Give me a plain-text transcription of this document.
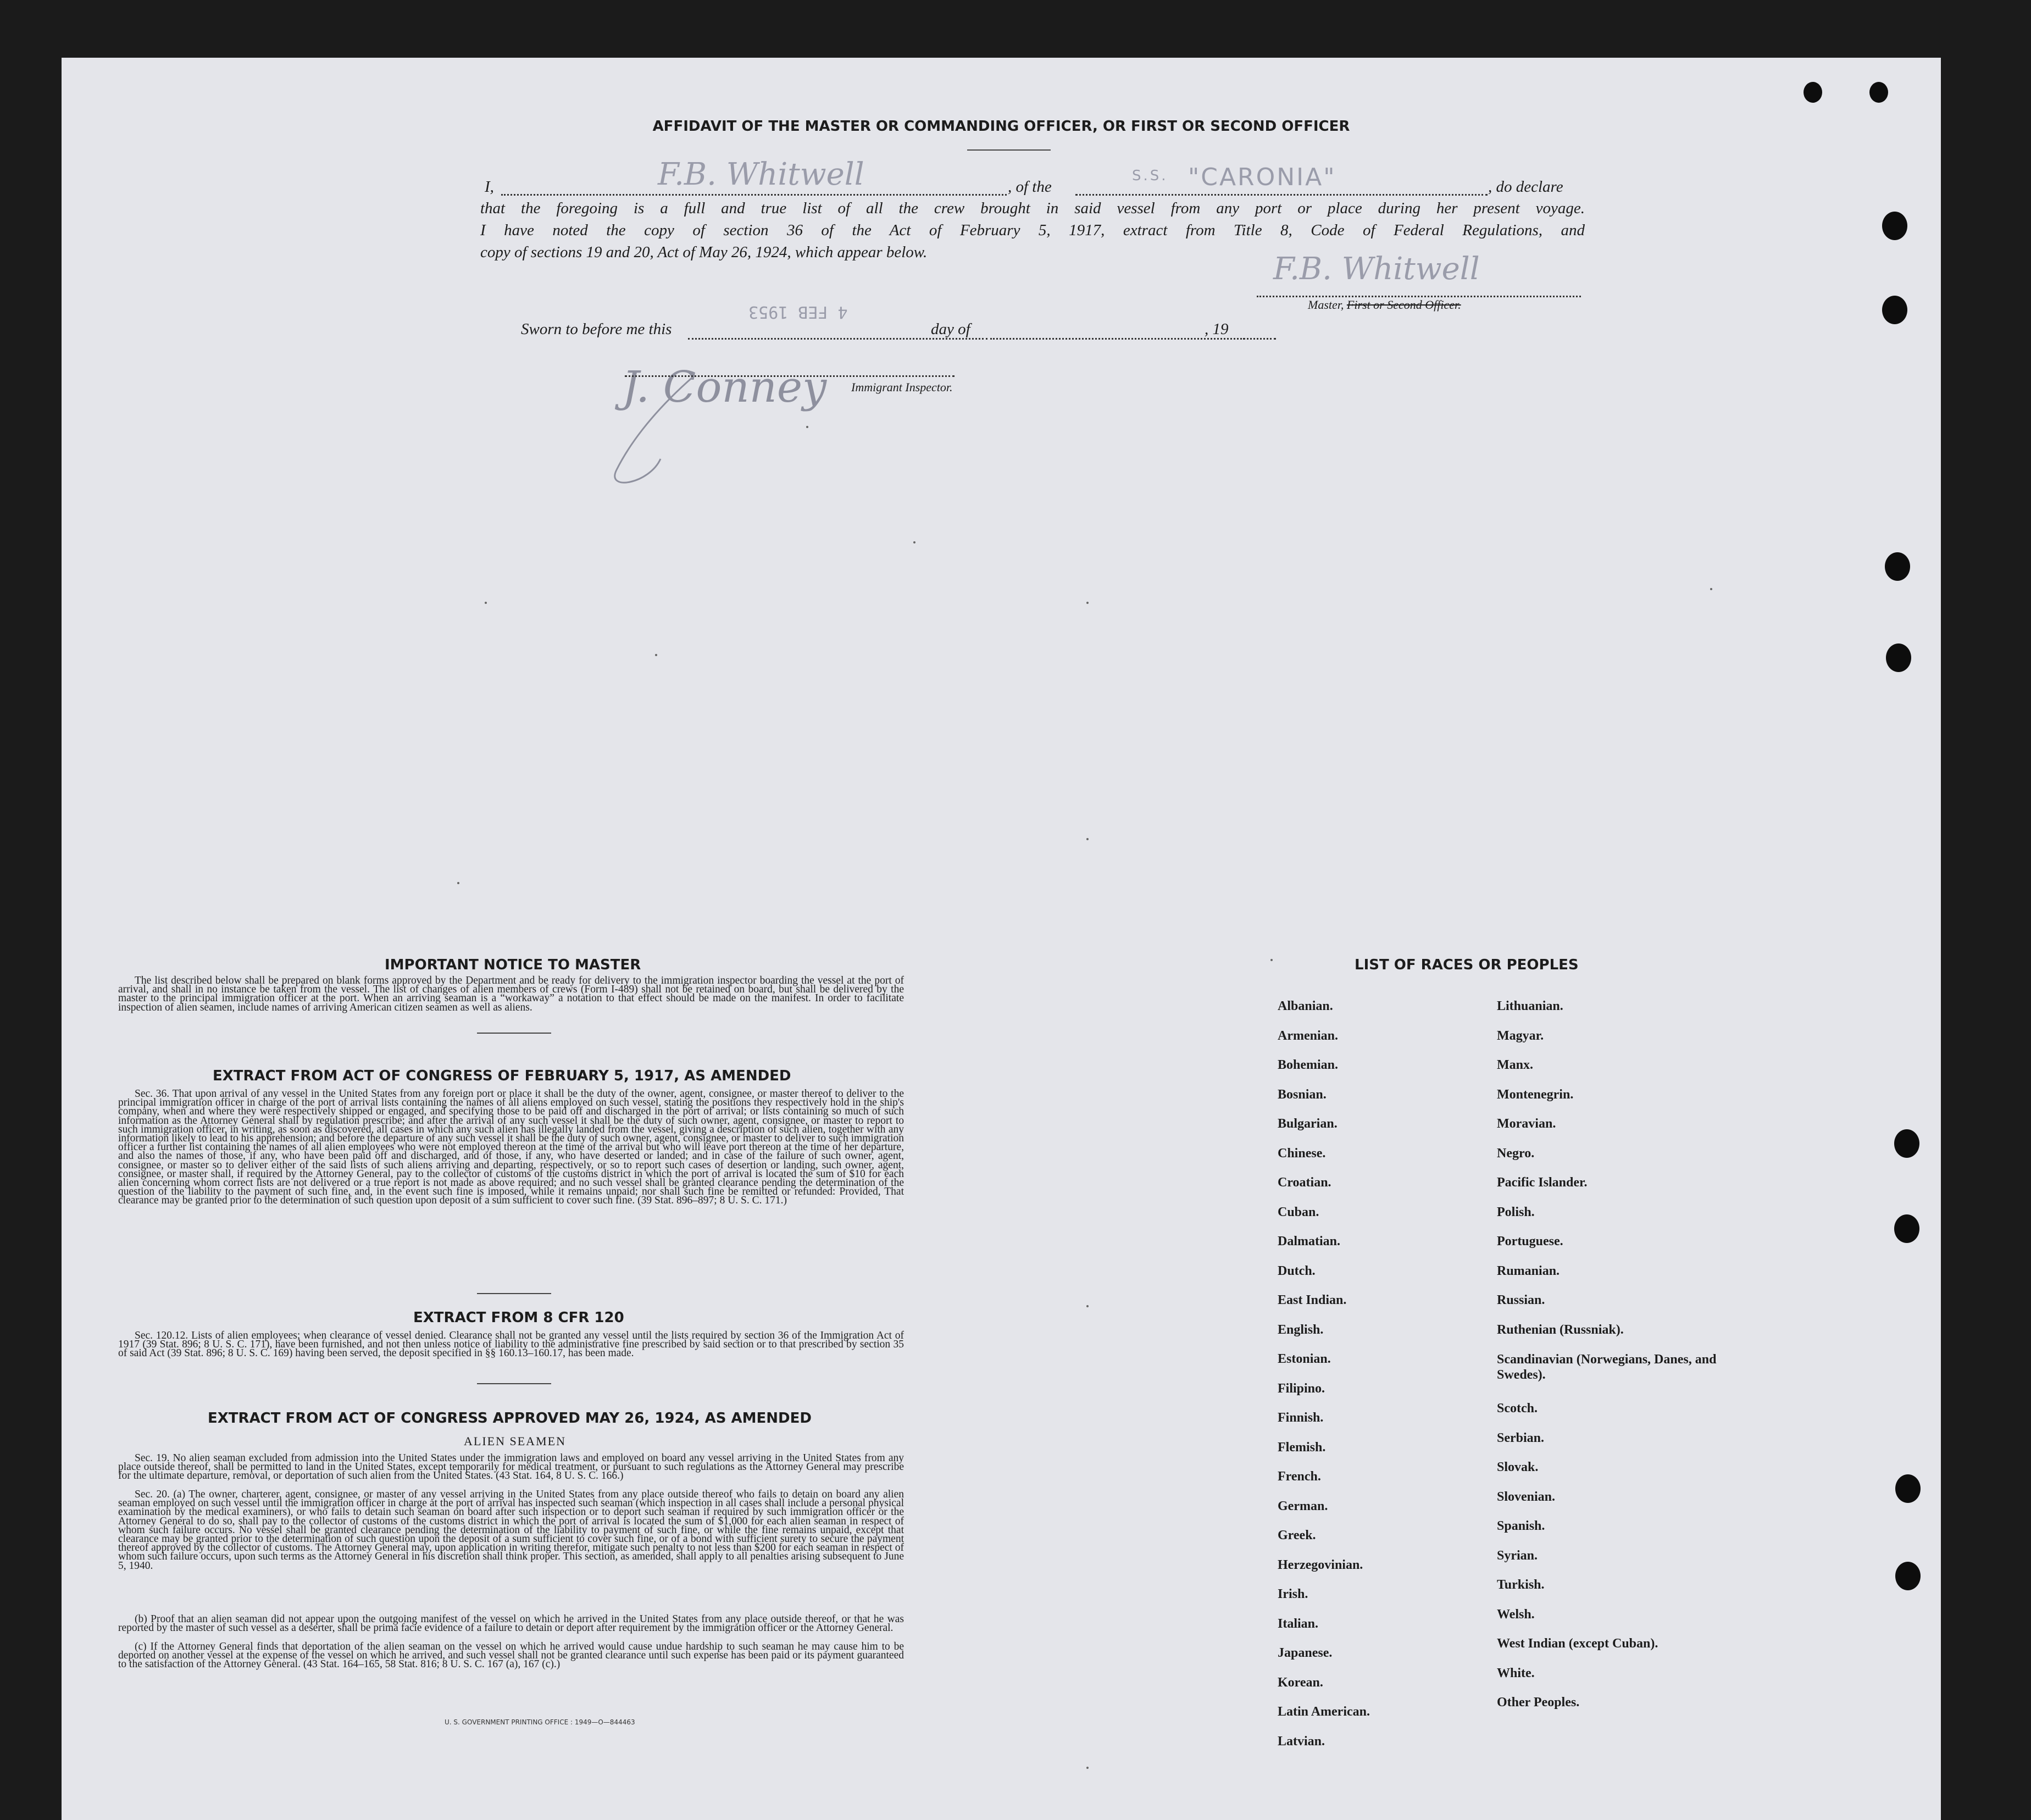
AFFIDAVIT OF THE MASTER OR COMMANDING OFFICER, OR FIRST OR SECOND OFFICER
I,	F.B. Whitwell	, of the
S.S. "CARONIA"	, do declare
that the foregoing is a full and true list of all the crew brought in said vessel from any port or place during her present voyage.
I have noted the copy of section 36 of the Act of February 5, 1917, extract from Title 8, Code of Federal Regulations, and
copy of sections 19 and 20, Act of May 26, 1924, which appear below.	F.B. Whitwell
Master, First or Second Officer.
Sworn to before me this
4 FEB 1953
day of	, 19
J. Conney Immigrant Inspector.
IMPORTANT NOTICE TO MASTER
The list described below shall be prepared on blank forms approved by the Department and be ready for delivery to the immigration inspector boarding the vessel at the port of arrival, and shall in no instance be taken from the vessel. The list of changes of alien members of crews (Form I-489) shall not be retained on board, but shall be delivered by the master to the principal immigration officer at the port. When an arriving seaman is a “workaway” a notation to that effect should be made on the manifest. In order to facilitate inspection of alien seamen, include names of arriving American citizen seamen as well as aliens.
EXTRACT FROM ACT OF CONGRESS OF FEBRUARY 5, 1917, AS AMENDED
Sec. 36. That upon arrival of any vessel in the United States from any foreign port or place it shall be the duty of the owner, agent, consignee, or master thereof to deliver to the principal immigration officer in charge of the port of arrival lists containing the names of all aliens employed on such vessel, stating the positions they respectively hold in the ship's company, when and where they were respectively shipped or engaged, and specifying those to be paid off and discharged in the port of arrival; or lists containing so much of such information as the Attorney General shall by regulation prescribe; and after the arrival of any such vessel it shall be the duty of such owner, agent, consignee, or master to report to such immigration officer, in writing, as soon as discovered, all cases in which any such alien has illegally landed from the vessel, giving a description of such alien, together with any information likely to lead to his apprehension; and before the departure of any such vessel it shall be the duty of such owner, agent, consignee, or master to deliver to such immigration officer a further list containing the names of all alien employees who were not employed thereon at the time of the arrival but who will leave port thereon at the time of her departure, and also the names of those, if any, who have been paid off and discharged, and of those, if any, who have deserted or landed; and in case of the failure of such owner, agent, consignee, or master so to deliver either of the said lists of such aliens arriving and departing, respectively, or so to report such cases of desertion or landing, such owner, agent, consignee, or master shall, if required by the Attorney General, pay to the collector of customs of the customs district in which the port of arrival is located the sum of $10 for each alien concerning whom correct lists are not delivered or a true report is not made as above required; and no such vessel shall be granted clearance pending the determination of the question of the liability to the payment of such fine, and, in the event such fine is imposed, while it remains unpaid; nor shall such fine be remitted or refunded: Provided, That clearance may be granted prior to the determination of such question upon deposit of a sum sufficient to cover such fine. (39 Stat. 896–897; 8 U. S. C. 171.)
EXTRACT FROM 8 CFR 120
Sec. 120.12. Lists of alien employees; when clearance of vessel denied. Clearance shall not be granted any vessel until the lists required by section 36 of the Immigration Act of 1917 (39 Stat. 896; 8 U. S. C. 171), have been furnished, and not then unless notice of liability to the administrative fine prescribed by said section or to that prescribed by section 35 of said Act (39 Stat. 896; 8 U. S. C. 169) having been served, the deposit specified in §§ 160.13–160.17, has been made.
EXTRACT FROM ACT OF CONGRESS APPROVED MAY 26, 1924, AS AMENDED
ALIEN SEAMEN
Sec. 19. No alien seaman excluded from admission into the United States under the immigration laws and employed on board any vessel arriving in the United States from any place outside thereof, shall be permitted to land in the United States, except temporarily for medical treatment, or pursuant to such regulations as the Attorney General may prescribe for the ultimate departure, removal, or deportation of such alien from the United States. (43 Stat. 164, 8 U. S. C. 166.)
Sec. 20. (a) The owner, charterer, agent, consignee, or master of any vessel arriving in the United States from any place outside thereof who fails to detain on board any alien seaman employed on such vessel until the immigration officer in charge at the port of arrival has inspected such seaman (which inspection in all cases shall include a personal physical examination by the medical examiners), or who fails to detain such seaman on board after such inspection or to deport such seaman if required by such immigration officer or the Attorney General to do so, shall pay to the collector of customs of the customs district in which the port of arrival is located the sum of $1,000 for each alien seaman in respect of whom such failure occurs. No vessel shall be granted clearance pending the determination of the liability to payment of such fine, or while the fine remains unpaid, except that clearance may be granted prior to the determination of such question upon the deposit of a sum sufficient to cover such fine, or of a bond with sufficient surety to secure the payment thereof approved by the collector of customs. The Attorney General may, upon application in writing therefor, mitigate such penalty to not less than $200 for each seaman in respect of whom such failure occurs, upon such terms as the Attorney General in his discretion shall think proper. This section, as amended, shall apply to all penalties arising subsequent to June 5, 1940.
(b) Proof that an alien seaman did not appear upon the outgoing manifest of the vessel on which he arrived in the United States from any place outside thereof, or that he was reported by the master of such vessel as a deserter, shall be prima facie evidence of a failure to detain or deport after requirement by the immigration officer or the Attorney General.
(c) If the Attorney General finds that deportation of the alien seaman on the vessel on which he arrived would cause undue hardship to such seaman he may cause him to be deported on another vessel at the expense of the vessel on which he arrived, and such vessel shall not be granted clearance until such expense has been paid or its payment guaranteed to the satisfaction of the Attorney General. (43 Stat. 164–165, 58 Stat. 816; 8 U. S. C. 167 (a), 167 (c).)
U. S. GOVERNMENT PRINTING OFFICE : 1949—O—844463
LIST OF RACES OR PEOPLES
Albanian.
Armenian.
Bohemian.
Bosnian.
Bulgarian.
Chinese.
Croatian.
Cuban.
Dalmatian.
Dutch.
East Indian.
English.
Estonian.
Filipino.
Finnish.
Flemish.
French.
German.
Greek.
Herzegovinian.
Irish.
Italian.
Japanese.
Korean.
Latin American.
Latvian.
Lithuanian.
Magyar.
Manx.
Montenegrin.
Moravian.
Negro.
Pacific Islander.
Polish.
Portuguese.
Rumanian.
Russian.
Ruthenian (Russniak).
Scandinavian (Norwegians, Danes, and Swedes).
Scotch.
Serbian.
Slovak.
Slovenian.
Spanish.
Syrian.
Turkish.
Welsh.
West Indian (except Cuban).
White.
Other Peoples.
